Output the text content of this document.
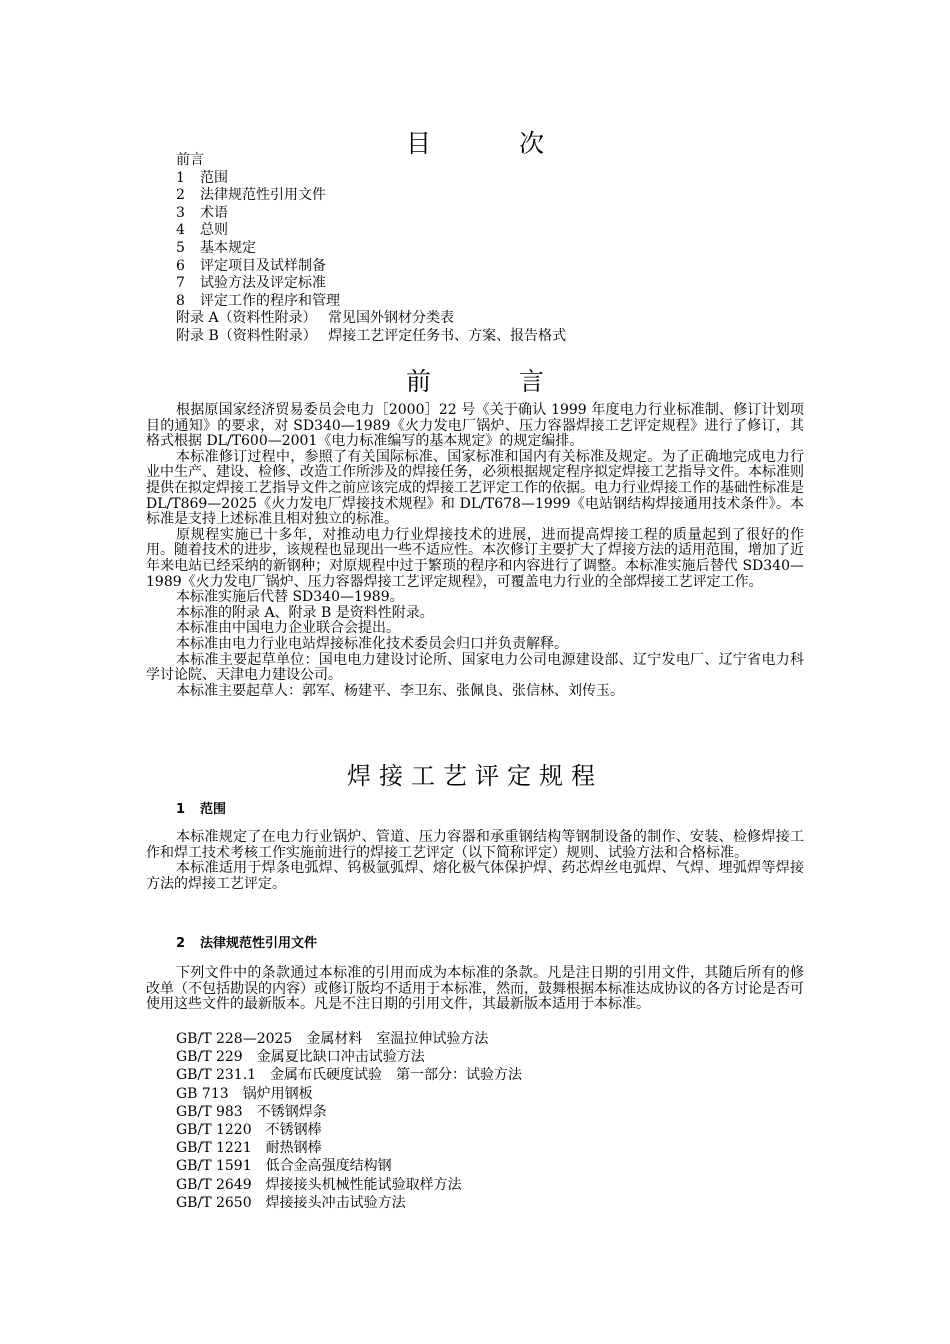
目 次
前言
1 范围
2 法律规范性引用文件
3 术语
4 总则
5 基本规定
6 评定项目及试样制备
7 试验方法及评定标准
8 评定工作的程序和管理
附录 A（资料性附录）　 常见国外钢材分类表
附录 B（资料性附录）　 焊接工艺评定任务书、方案、报告格式
前 言

根据原国家经济贸易委员会电力［2000］22 号《关于确认 1999 年度电力行业标准制、修订计划项目的通知》的要求，对 SD340—1989《火力发电厂锅炉、压力容器焊接工艺评定规程》进行了修订，其格式根据 DL/T600—2001《电力标准编写的基本规定》的规定编排。

本标准修订过程中，参照了有关国际标准、国家标准和国内有关标准及规定。为了正确地完成电力行业中生产、建设、检修、改造工作所涉及的焊接任务，必须根据规定程序拟定焊接工艺指导文件。本标准则提供在拟定焊接工艺指导文件之前应该完成的焊接工艺评定工作的依据。电力行业焊接工作的基础性标准是 DL/T869—2025《火力发电厂焊接技术规程》和 DL/T678—1999《电站钢结构焊接通用技术条件》。本标准是支持上述标准且相对独立的标准。

原规程实施已十多年，对推动电力行业焊接技术的进展，进而提高焊接工程的质量起到了很好的作用。随着技术的进步，该规程也显现出一些不适应性。本次修订主要扩大了焊接方法的适用范围，增加了近年来电站已经采纳的新钢种；对原规程中过于繁琐的程序和内容进行了调整。本标准实施后替代 SD340—1989《火力发电厂锅炉、压力容器焊接工艺评定规程》，可覆盖电力行业的全部焊接工艺评定工作。

本标准实施后代替 SD340—1989。

本标准的附录 A、附录 B 是资料性附录。

本标准由中国电力企业联合会提出。

本标准由电力行业电站焊接标准化技术委员会归口并负责解释。

本标准主要起草单位：国电电力建设讨论所、国家电力公司电源建设部、辽宁发电厂、辽宁省电力科学讨论院、天津电力建设公司。

本标准主要起草人：郭军、杨建平、李卫东、张佩良、张信林、刘传玉。

焊接工艺评定规程
1 范围

本标准规定了在电力行业锅炉、管道、压力容器和承重钢结构等钢制设备的制作、安装、检修焊接工作和焊工技术考核工作实施前进行的焊接工艺评定（以下简称评定）规则、试验方法和合格标准。

本标准适用于焊条电弧焊、钨极氩弧焊、熔化极气体保护焊、药芯焊丝电弧焊、气焊、埋弧焊等焊接方法的焊接工艺评定。

2 法律规范性引用文件

下列文件中的条款通过本标准的引用而成为本标准的条款。凡是注日期的引用文件，其随后所有的修改单（不包括勘误的内容）或修订版均不适用于本标准，然而，鼓舞根据本标准达成协议的各方讨论是否可使用这些文件的最新版本。凡是不注日期的引用文件，其最新版本适用于本标准。

GB/T 228—2025　金属材料　室温拉伸试验方法
GB/T 229　金属夏比缺口冲击试验方法
GB/T 231.1　金属布氏硬度试验　第一部分：试验方法
GB 713　锅炉用钢板
GB/T 983　不锈钢焊条
GB/T 1220　不锈钢棒
GB/T 1221　耐热钢棒
GB/T 1591　低合金高强度结构钢
GB/T 2649　焊接接头机械性能试验取样方法
GB/T 2650　焊接接头冲击试验方法
